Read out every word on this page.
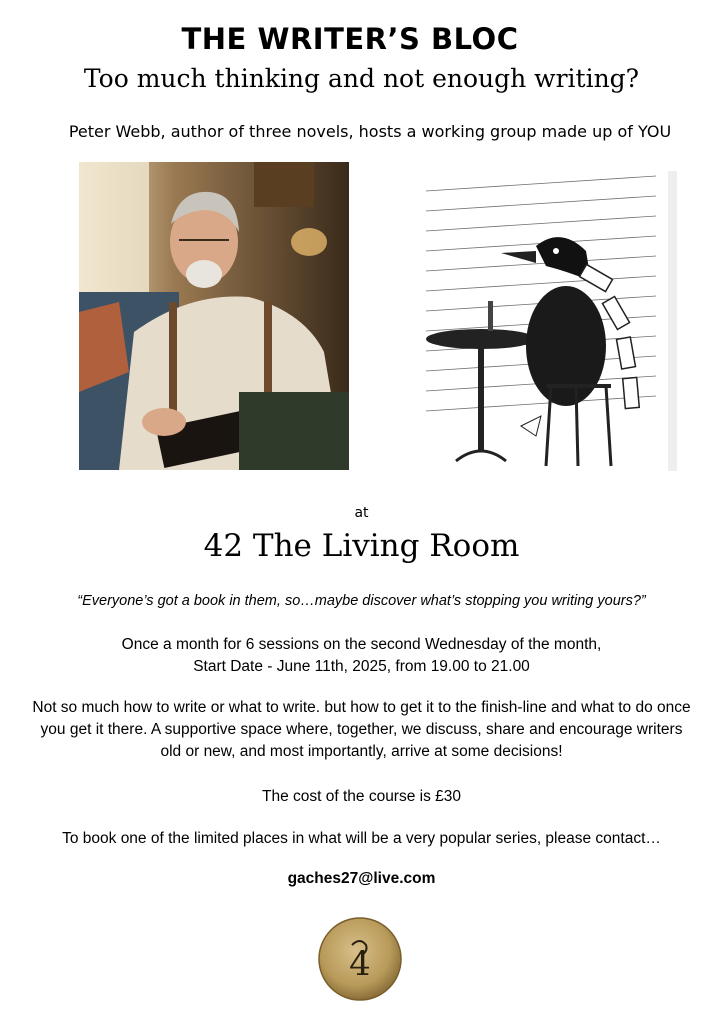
THE WRITER’S BLOC
Too much thinking and not enough writing?
Peter Webb, author of three novels, hosts a working group made up of YOU
at
42 The Living Room
“Everyone’s got a book in them, so…maybe discover what’s stopping you writing yours?”
Once a month for 6 sessions on the second Wednesday of the month,
Start Date - June 11th, 2025, from 19.00 to 21.00
Not so much how to write or what to write. but how to get it to the finish-line and what to do once you get it there. A supportive space where, together, we discuss, share and encourage writers old or new, and most importantly, arrive at some decisions!
The cost of the course is £30
To book one of the limited places in what will be a very popular series, please contact…
gaches27@live.com
4
